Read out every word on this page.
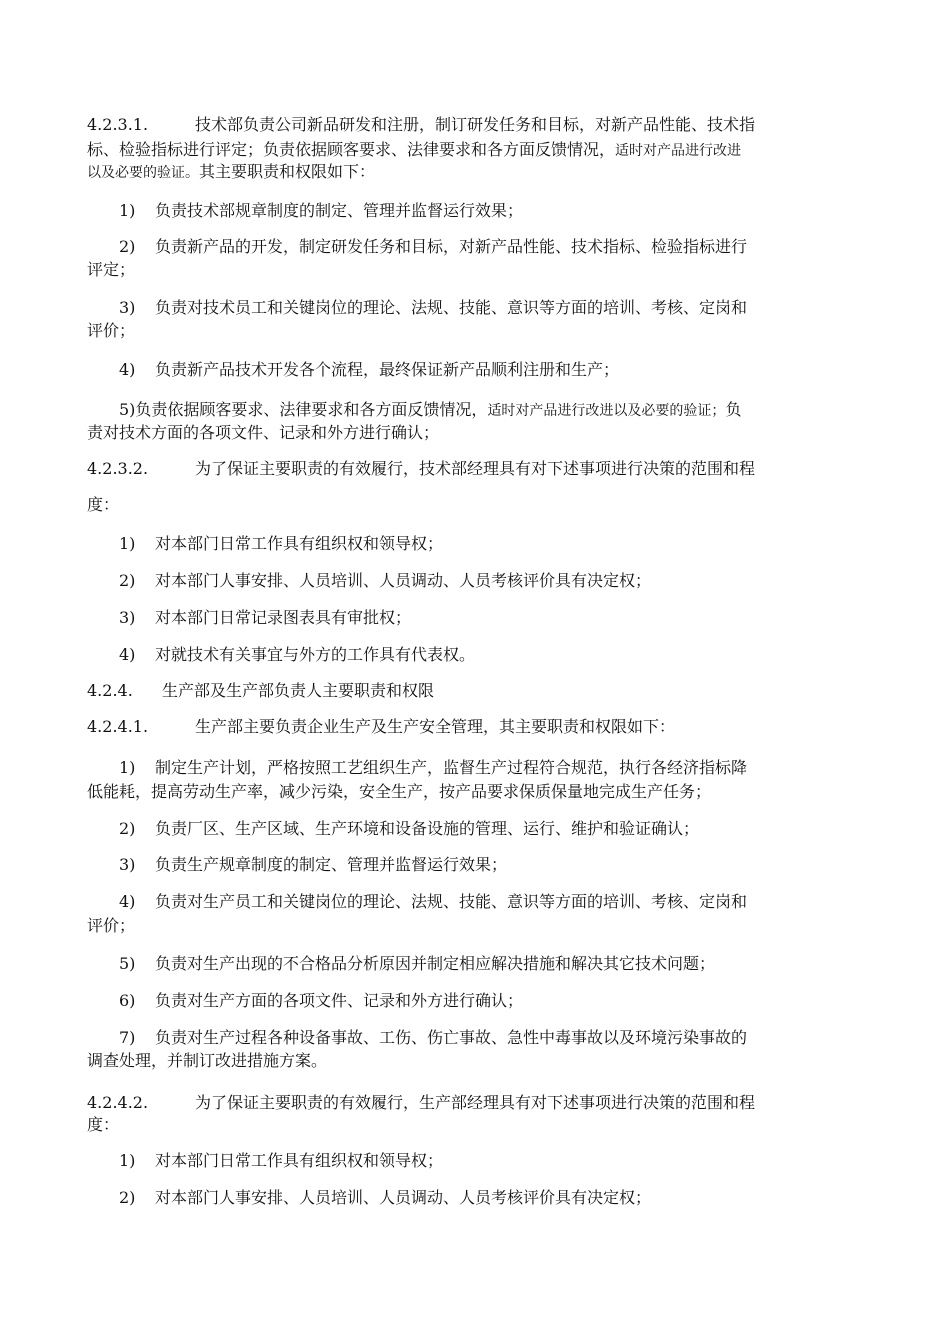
4.2.3.1.	技术部负责公司新品研发和注册，制订研发任务和目标，对新产品性能、技术指
标、检验指标进行评定；负责依据顾客要求、法律要求和各方面反馈情况，适时对产品进行改进
以及必要的验证。其主要职责和权限如下：
1) 负责技术部规章制度的制定、管理并监督运行效果；
2) 负责新产品的开发，制定研发任务和目标，对新产品性能、技术指标、检验指标进行
评定；
3) 负责对技术员工和关键岗位的理论、法规、技能、意识等方面的培训、考核、定岗和
评价；
4) 负责新产品技术开发各个流程，最终保证新产品顺利注册和生产；
5)负责依据顾客要求、法律要求和各方面反馈情况，适时对产品进行改进以及必要的验证；负
责对技术方面的各项文件、记录和外方进行确认；
4.2.3.2.	为了保证主要职责的有效履行，技术部经理具有对下述事项进行决策的范围和程
度：
1) 对本部门日常工作具有组织权和领导权；
2) 对本部门人事安排、人员培训、人员调动、人员考核评价具有决定权；
3) 对本部门日常记录图表具有审批权；
4) 对就技术有关事宜与外方的工作具有代表权。
4.2.4. 生产部及生产部负责人主要职责和权限
4.2.4.1.	生产部主要负责企业生产及生产安全管理，其主要职责和权限如下：
1) 制定生产计划，严格按照工艺组织生产，监督生产过程符合规范，执行各经济指标降
低能耗，提高劳动生产率，减少污染，安全生产，按产品要求保质保量地完成生产任务；
2) 负责厂区、生产区域、生产环境和设备设施的管理、运行、维护和验证确认；
3) 负责生产规章制度的制定、管理并监督运行效果；
4) 负责对生产员工和关键岗位的理论、法规、技能、意识等方面的培训、考核、定岗和
评价；
5) 负责对生产出现的不合格品分析原因并制定相应解决措施和解决其它技术问题；
6) 负责对生产方面的各项文件、记录和外方进行确认；
7) 负责对生产过程各种设备事故、工伤、伤亡事故、急性中毒事故以及环境污染事故的
调查处理，并制订改进措施方案。
4.2.4.2.	为了保证主要职责的有效履行，生产部经理具有对下述事项进行决策的范围和程
度：
1) 对本部门日常工作具有组织权和领导权；
2) 对本部门人事安排、人员培训、人员调动、人员考核评价具有决定权；
